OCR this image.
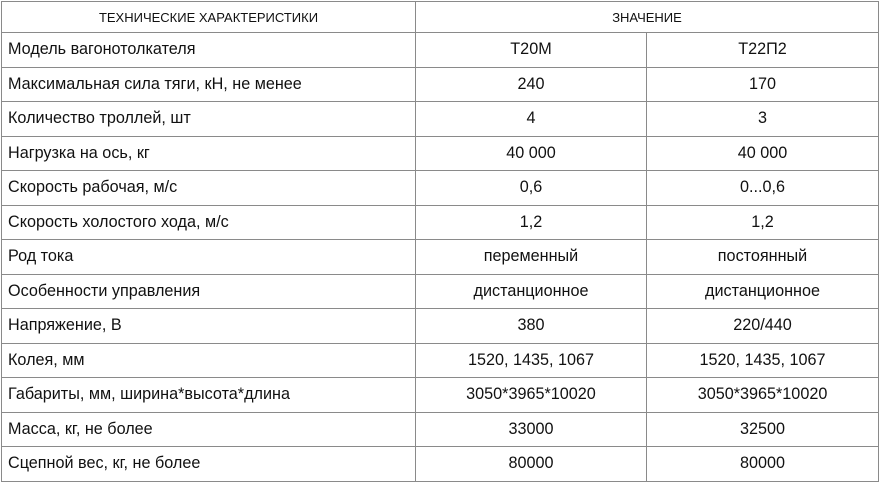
ТЕХНИЧЕСКИЕ ХАРАКТЕРИСТИКИ	ЗНАЧЕНИЕ	
Модель вагонотолкателя	Т20М	Т22П2
Максимальная сила тяги, кН, не менее	240	170
Количество троллей, шт	4	3
Нагрузка на ось, кг	40 000	40 000
Скорость рабочая, м/с	0,6	0...0,6
Скорость холостого хода, м/с	1,2	1,2
Род тока	переменный	постоянный
Особенности управления	дистанционное	дистанционное
Напряжение, В	380	220/440
Колея, мм	1520, 1435, 1067	1520, 1435, 1067
Габариты, мм, ширина*высота*длина	3050*3965*10020	3050*3965*10020
Масса, кг, не более	33000	32500
Сцепной вес, кг, не более	80000	80000
